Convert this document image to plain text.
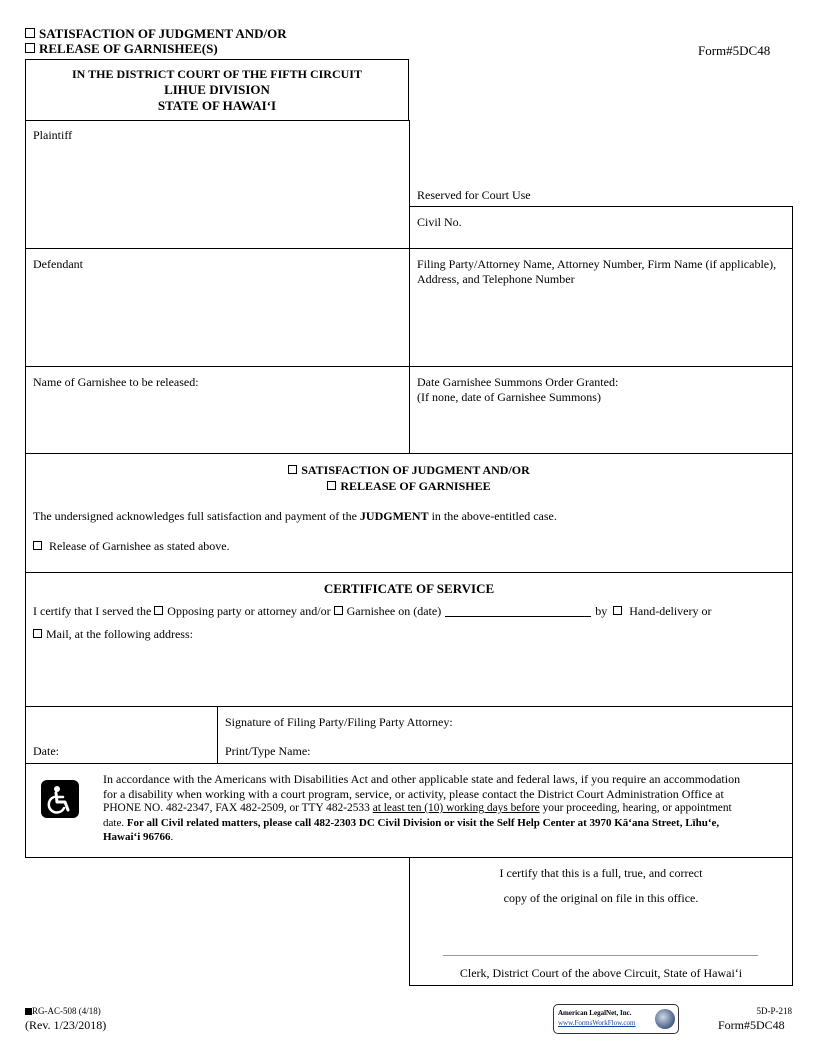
SATISFACTION OF JUDGMENT AND/OR
RELEASE OF GARNISHEE(S)	Form#5DC48
IN THE DISTRICT COURT OF THE FIFTH CIRCUIT
LIHUE DIVISION
STATE OF HAWAI‘I
Plaintiff
Reserved for Court Use
Civil No.
Defendant	Filing Party/Attorney Name, Attorney Number, Firm Name (if applicable), Address, and Telephone Number
Name of Garnishee to be released:	Date Garnishee Summons Order Granted:
(If none, date of Garnishee Summons)
SATISFACTION OF JUDGMENT AND/OR
RELEASE OF GARNISHEE
The undersigned acknowledges full satisfaction and payment of the JUDGMENT in the above-entitled case.
Release of Garnishee as stated above.
CERTIFICATE OF SERVICE
I certify that I served the Opposing party or attorney and/or Garnishee on (date)	by Hand-delivery or
Mail, at the following address:
Date:
Signature of Filing Party/Filing Party Attorney:
Print/Type Name:
In accordance with the Americans with Disabilities Act and other applicable state and federal laws, if you require an accommodation
for a disability when working with a court program, service, or activity, please contact the District Court Administration Office at
PHONE NO. 482-2347, FAX 482-2509, or TTY 482-2533 at least ten (10) working days before your proceeding, hearing, or appointment
date. For all Civil related matters, please call 482-2303 DC Civil Division or visit the Self Help Center at 3970 Kā‘ana Street, Līhu‘e,
Hawai‘i 96766.
I certify that this is a full, true, and correct
copy of the original on file in this office.
Clerk, District Court of the above Circuit, State of Hawai‘i
RG-AC-508 (4/18)
(Rev. 1/23/2018)
American LegalNet, Inc.
www.FormsWorkFlow.com
5D-P-218
Form#5DC48
